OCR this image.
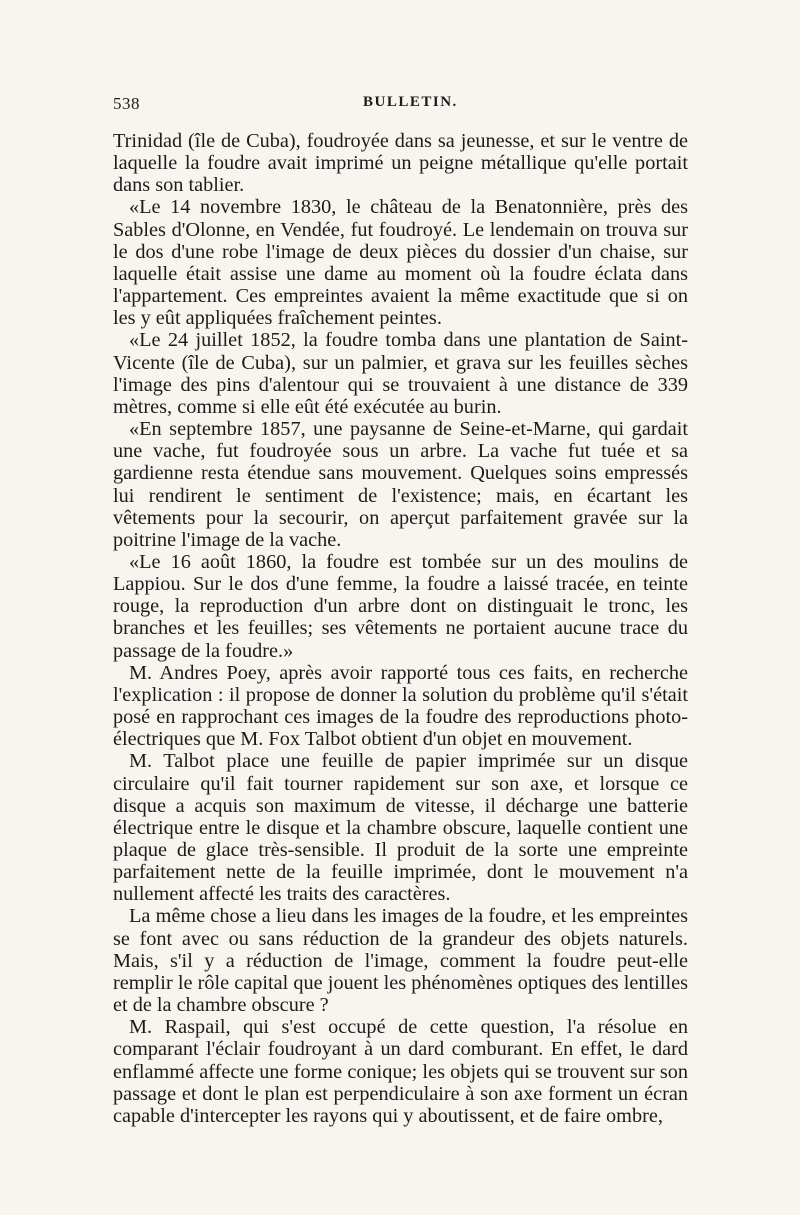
538	BULLETIN.

Trinidad (île de Cuba), foudroyée dans sa jeunesse, et sur le ventre de laquelle la foudre avait imprimé un peigne métallique qu'elle portait dans son tablier.

«Le 14 novembre 1830, le château de la Benatonnière, près des Sables d'Olonne, en Vendée, fut foudroyé. Le lendemain on trouva sur le dos d'une robe l'image de deux pièces du dossier d'un chaise, sur laquelle était assise une dame au moment où la foudre éclata dans l'appartement. Ces empreintes avaient la même exactitude que si on les y eût appliquées fraîchement peintes.

«Le 24 juillet 1852, la foudre tomba dans une plantation de Saint-Vicente (île de Cuba), sur un palmier, et grava sur les feuilles sèches l'image des pins d'alentour qui se trouvaient à une distance de 339 mètres, comme si elle eût été exécutée au burin.

«En septembre 1857, une paysanne de Seine-et-Marne, qui gardait une vache, fut foudroyée sous un arbre. La vache fut tuée et sa gardienne resta étendue sans mouvement. Quelques soins empressés lui rendirent le sentiment de l'existence; mais, en écartant les vêtements pour la secourir, on aperçut parfaitement gravée sur la poitrine l'image de la vache.

«Le 16 août 1860, la foudre est tombée sur un des moulins de Lappiou. Sur le dos d'une femme, la foudre a laissé tracée, en teinte rouge, la reproduction d'un arbre dont on distinguait le tronc, les branches et les feuilles; ses vêtements ne portaient aucune trace du passage de la foudre.»

M. Andres Poey, après avoir rapporté tous ces faits, en recherche l'explication : il propose de donner la solution du problème qu'il s'était posé en rapprochant ces images de la foudre des reproductions photo-électriques que M. Fox Talbot obtient d'un objet en mouvement.

M. Talbot place une feuille de papier imprimée sur un disque circulaire qu'il fait tourner rapidement sur son axe, et lorsque ce disque a acquis son maximum de vitesse, il décharge une batterie électrique entre le disque et la chambre obscure, laquelle contient une plaque de glace très-sensible. Il produit de la sorte une empreinte parfaitement nette de la feuille imprimée, dont le mouvement n'a nullement affecté les traits des caractères.

La même chose a lieu dans les images de la foudre, et les empreintes se font avec ou sans réduction de la grandeur des objets naturels. Mais, s'il y a réduction de l'image, comment la foudre peut-elle remplir le rôle capital que jouent les phénomènes optiques des lentilles et de la chambre obscure ?

M. Raspail, qui s'est occupé de cette question, l'a résolue en comparant l'éclair foudroyant à un dard comburant. En effet, le dard enflammé affecte une forme conique; les objets qui se trouvent sur son passage et dont le plan est perpendiculaire à son axe forment un écran capable d'intercepter les rayons qui y aboutissent, et de faire ombre,
